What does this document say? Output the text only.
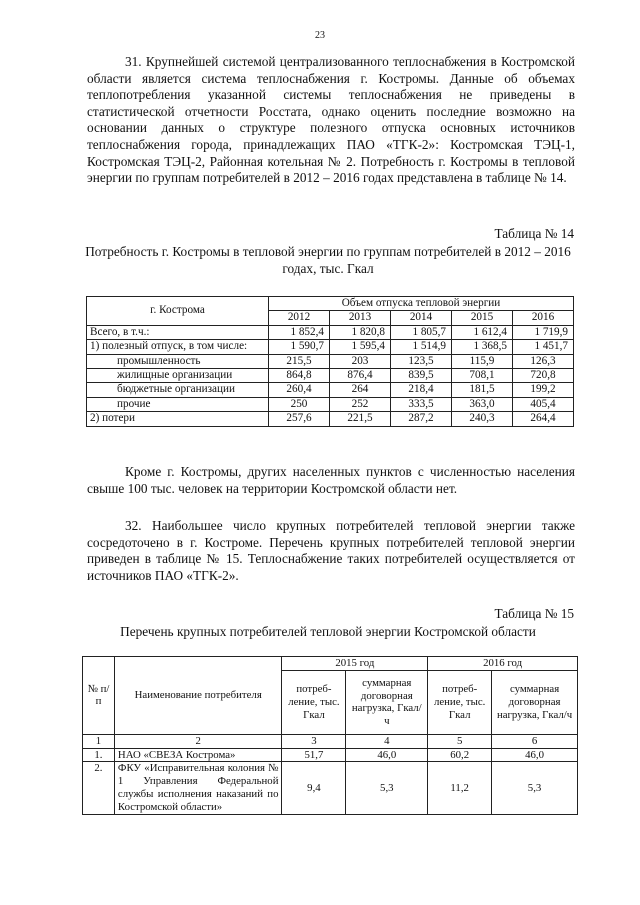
23

31. Крупнейшей системой централизованного теплоснабжения в Костромской области является система теплоснабжения г. Костромы. Данные об объемах теплопотребления указанной системы теплоснабжения не приведены в статистической отчетности Росстата, однако оценить последние возможно на основании данных о структуре полезного отпуска основных источников теплоснабжения города, принадлежащих ПАО «ТГК-2»: Костромская ТЭЦ-1, Костромская ТЭЦ-2, Районная котельная № 2. Потребность г. Костромы в тепловой энергии по группам потребителей в 2012 – 2016 годах представлена в таблице № 14.

Таблица № 14
Потребность г. Костромы в тепловой энергии по группам потребителей в 2012 – 2016 годах, тыс. Гкал
г. Кострома	Объем отпуска тепловой энергии				
	2012	2013	2014	2015	2016
Всего, в т.ч.:	1 852,4	1 820,8	1 805,7	1 612,4	1 719,9
1) полезный отпуск, в том числе:	1 590,7	1 595,4	1 514,9	1 368,5	1 451,7
промышленность	215,5	203	123,5	115,9	126,3
жилищные организации	864,8	876,4	839,5	708,1	720,8
бюджетные организации	260,4	264	218,4	181,5	199,2
прочие	250	252	333,5	363,0	405,4
2) потери	257,6	221,5	287,2	240,3	264,4

Кроме г. Костромы, других населенных пунктов с численностью населения свыше 100 тыс. человек на территории Костромской области нет.

32. Наибольшее число крупных потребителей тепловой энергии также сосредоточено в г. Костроме. Перечень крупных потребителей тепловой энергии приведен в таблице № 15. Теплоснабжение таких потребителей осуществляется от источников ПАО «ТГК-2».

Таблица № 15
Перечень крупных потребителей тепловой энергии Костромской области
№ п/п	Наименование потребителя	2015 год		2016 год	
		потреб-ление, тыс. Гкал	суммарная договорная нагрузка, Гкал/ч	потреб-ление, тыс. Гкал	суммарная договорная нагрузка, Гкал/ч
1	2	3	4	5	6
1.	НАО «СВЕЗА Кострома»	51,7	46,0	60,2	46,0
2.	ФКУ «Исправительная колония № 1 Управления Федеральной службы исполнения наказаний по Костромской области»	9,4	5,3	11,2	5,3
